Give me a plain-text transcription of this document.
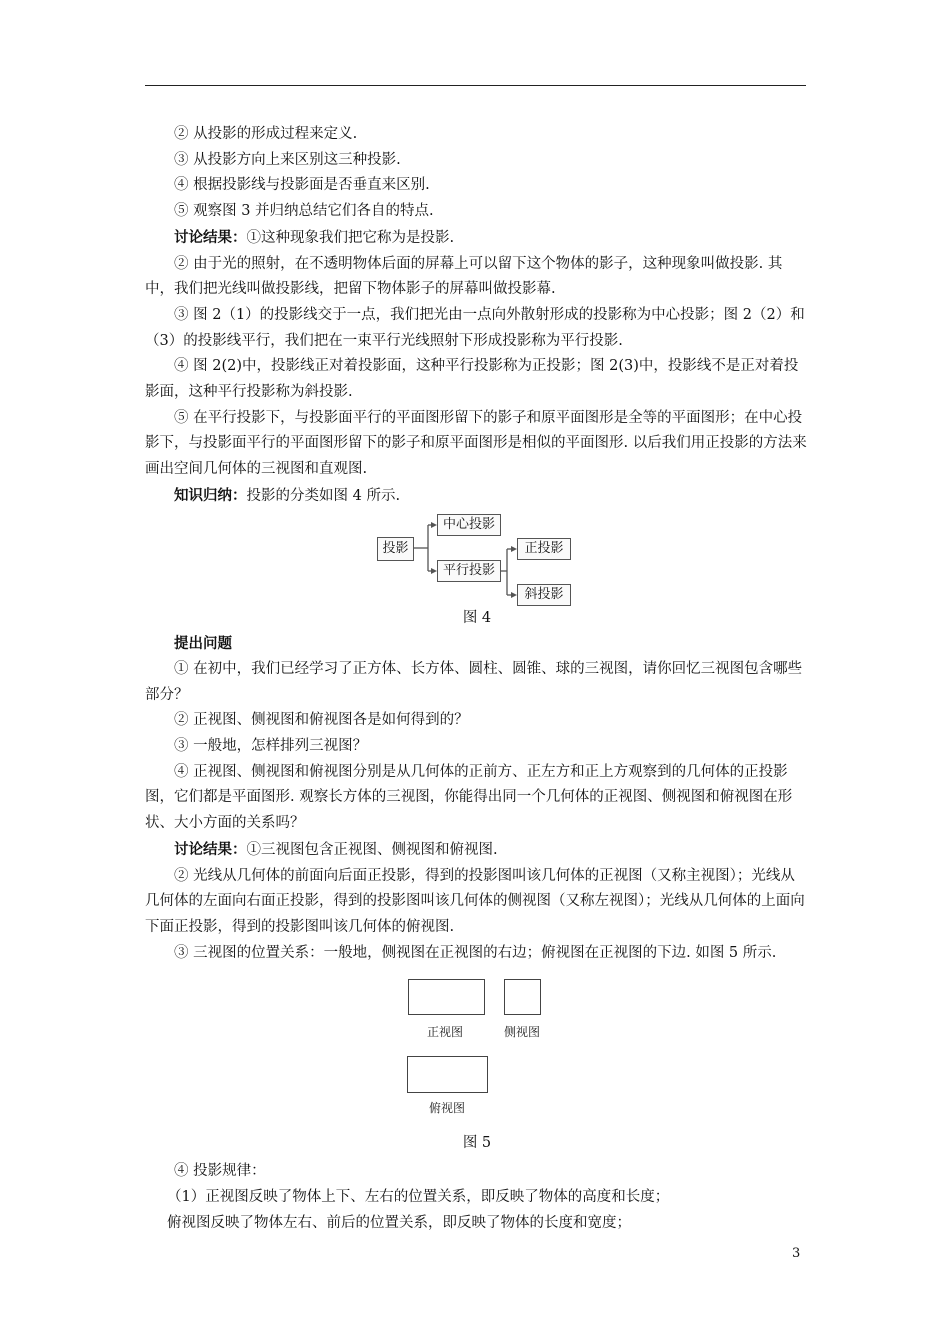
② 从投影的形成过程来定义.

③ 从投影方向上来区别这三种投影.

④ 根据投影线与投影面是否垂直来区别.

⑤ 观察图 3 并归纳总结它们各自的特点.

讨论结果：①这种现象我们把它称为是投影.

② 由于光的照射，在不透明物体后面的屏幕上可以留下这个物体的影子，这种现象叫做投影. 其中，我们把光线叫做投影线，把留下物体影子的屏幕叫做投影幕.

③ 图 2（1）的投影线交于一点，我们把光由一点向外散射形成的投影称为中心投影；图 2（2）和（3）的投影线平行，我们把在一束平行光线照射下形成投影称为平行投影.

④ 图 2(2)中，投影线正对着投影面，这种平行投影称为正投影；图 2(3)中，投影线不是正对着投影面，这种平行投影称为斜投影.

⑤ 在平行投影下，与投影面平行的平面图形留下的影子和原平面图形是全等的平面图形；在中心投影下，与投影面平行的平面图形留下的影子和原平面图形是相似的平面图形. 以后我们用正投影的方法来画出空间几何体的三视图和直观图.

知识归纳：投影的分类如图 4 所示.

投影
中心投影
平行投影
正投影
斜投影

图 4

提出问题

① 在初中，我们已经学习了正方体、长方体、圆柱、圆锥、球的三视图，请你回忆三视图包含哪些部分？

② 正视图、侧视图和俯视图各是如何得到的？

③ 一般地，怎样排列三视图？

④ 正视图、侧视图和俯视图分别是从几何体的正前方、正左方和正上方观察到的几何体的正投影图，它们都是平面图形. 观察长方体的三视图，你能得出同一个几何体的正视图、侧视图和俯视图在形状、大小方面的关系吗？

讨论结果：①三视图包含正视图、侧视图和俯视图.

② 光线从几何体的前面向后面正投影，得到的投影图叫该几何体的正视图（又称主视图）；光线从几何体的左面向右面正投影，得到的投影图叫该几何体的侧视图（又称左视图）；光线从几何体的上面向下面正投影，得到的投影图叫该几何体的俯视图.

③ 三视图的位置关系：一般地，侧视图在正视图的右边；俯视图在正视图的下边. 如图 5 所示.

正视图	侧视图
俯视图

图 5

④ 投影规律：

（1）正视图反映了物体上下、左右的位置关系，即反映了物体的高度和长度；

俯视图反映了物体左右、前后的位置关系，即反映了物体的长度和宽度；

3
